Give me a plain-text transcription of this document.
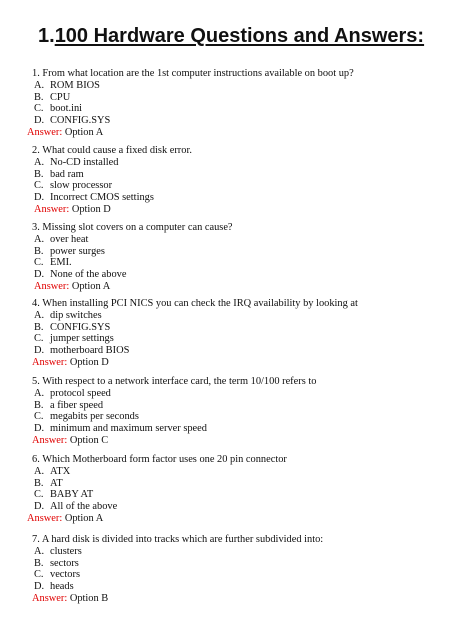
1.100 Hardware Questions and Answers:
1. From what location are the 1st computer instructions available on boot up?
A. ROM BIOS
B. CPU
C. boot.ini
D. CONFIG.SYS
Answer: Option A
2. What could cause a fixed disk error.
A. No-CD installed
B. bad ram
C. slow processor
D. Incorrect CMOS settings
Answer: Option D
3. Missing slot covers on a computer can cause?
A. over heat
B. power surges
C. EMI.
D. None of the above
Answer: Option A
4. When installing PCI NICS you can check the IRQ availability by looking at
A. dip switches
B. CONFIG.SYS
C. jumper settings
D. motherboard BIOS
Answer: Option D
5. With respect to a network interface card, the term 10/100 refers to
A. protocol speed
B. a fiber speed
C. megabits per seconds
D. minimum and maximum server speed
Answer: Option C
6. Which Motherboard form factor uses one 20 pin connector
A. ATX
B. AT
C. BABY AT
D. All of the above
Answer: Option A
7. A hard disk is divided into tracks which are further subdivided into:
A. clusters
B. sectors
C. vectors
D. heads
Answer: Option B
